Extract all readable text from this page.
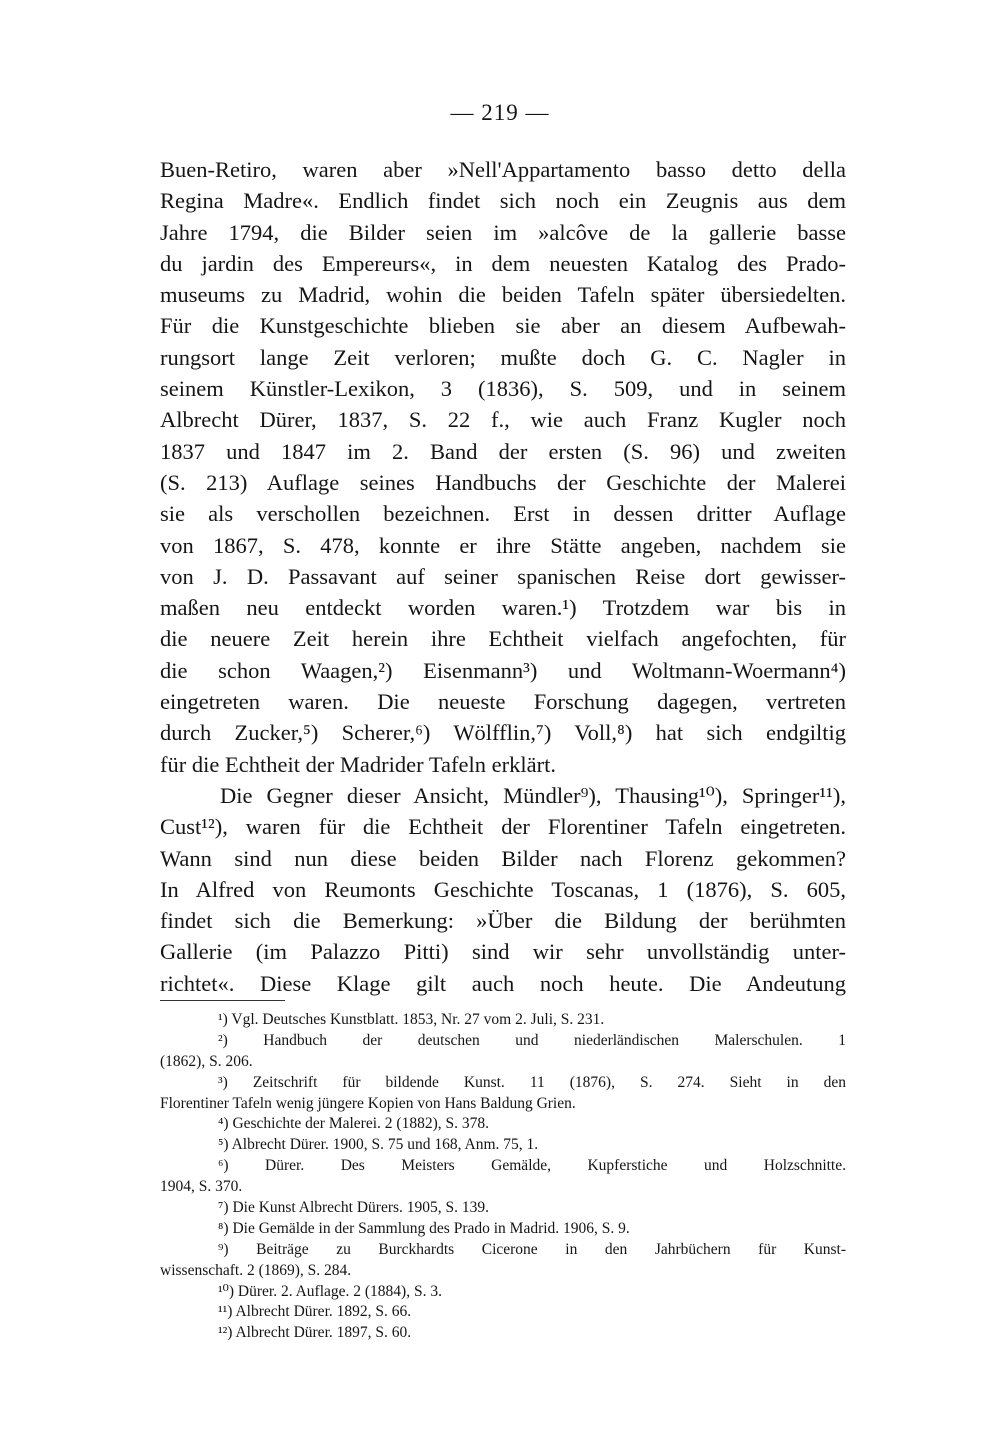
— 219 —
Buen-Retiro, waren aber »Nell'Appartamento basso detto della
Regina Madre«. Endlich findet sich noch ein Zeugnis aus dem
Jahre 1794, die Bilder seien im »alcôve de la gallerie basse
du jardin des Empereurs«, in dem neuesten Katalog des Prado-
museums zu Madrid, wohin die beiden Tafeln später übersiedelten.
Für die Kunstgeschichte blieben sie aber an diesem Aufbewah-
rungsort lange Zeit verloren; mußte doch G. C. Nagler in
seinem Künstler-Lexikon, 3 (1836), S. 509, und in seinem
Albrecht Dürer, 1837, S. 22 f., wie auch Franz Kugler noch
1837 und 1847 im 2. Band der ersten (S. 96) und zweiten
(S. 213) Auflage seines Handbuchs der Geschichte der Malerei
sie als verschollen bezeichnen. Erst in dessen dritter Auflage
von 1867, S. 478, konnte er ihre Stätte angeben, nachdem sie
von J. D. Passavant auf seiner spanischen Reise dort gewisser-
maßen neu entdeckt worden waren.¹) Trotzdem war bis in
die neuere Zeit herein ihre Echtheit vielfach angefochten, für
die schon Waagen,²) Eisenmann³) und Woltmann-Woermann⁴)
eingetreten waren. Die neueste Forschung dagegen, vertreten
durch Zucker,⁵) Scherer,⁶) Wölfflin,⁷) Voll,⁸) hat sich endgiltig
für die Echtheit der Madrider Tafeln erklärt.
Die Gegner dieser Ansicht, Mündler⁹), Thausing¹⁰), Springer¹¹),
Cust¹²), waren für die Echtheit der Florentiner Tafeln eingetreten.
Wann sind nun diese beiden Bilder nach Florenz gekommen?
In Alfred von Reumonts Geschichte Toscanas, 1 (1876), S. 605,
findet sich die Bemerkung: »Über die Bildung der berühmten
Gallerie (im Palazzo Pitti) sind wir sehr unvollständig unter-
richtet«. Diese Klage gilt auch noch heute. Die Andeutung
¹) Vgl. Deutsches Kunstblatt. 1853, Nr. 27 vom 2. Juli, S. 231.
²) Handbuch der deutschen und niederländischen Malerschulen. 1
(1862), S. 206.
³) Zeitschrift für bildende Kunst. 11 (1876), S. 274. Sieht in den
Florentiner Tafeln wenig jüngere Kopien von Hans Baldung Grien.
⁴) Geschichte der Malerei. 2 (1882), S. 378.
⁵) Albrecht Dürer. 1900, S. 75 und 168, Anm. 75, 1.
⁶) Dürer. Des Meisters Gemälde, Kupferstiche und Holzschnitte.
1904, S. 370.
⁷) Die Kunst Albrecht Dürers. 1905, S. 139.
⁸) Die Gemälde in der Sammlung des Prado in Madrid. 1906, S. 9.
⁹) Beiträge zu Burckhardts Cicerone in den Jahrbüchern für Kunst-
wissenschaft. 2 (1869), S. 284.
¹⁰) Dürer. 2. Auflage. 2 (1884), S. 3.
¹¹) Albrecht Dürer. 1892, S. 66.
¹²) Albrecht Dürer. 1897, S. 60.
